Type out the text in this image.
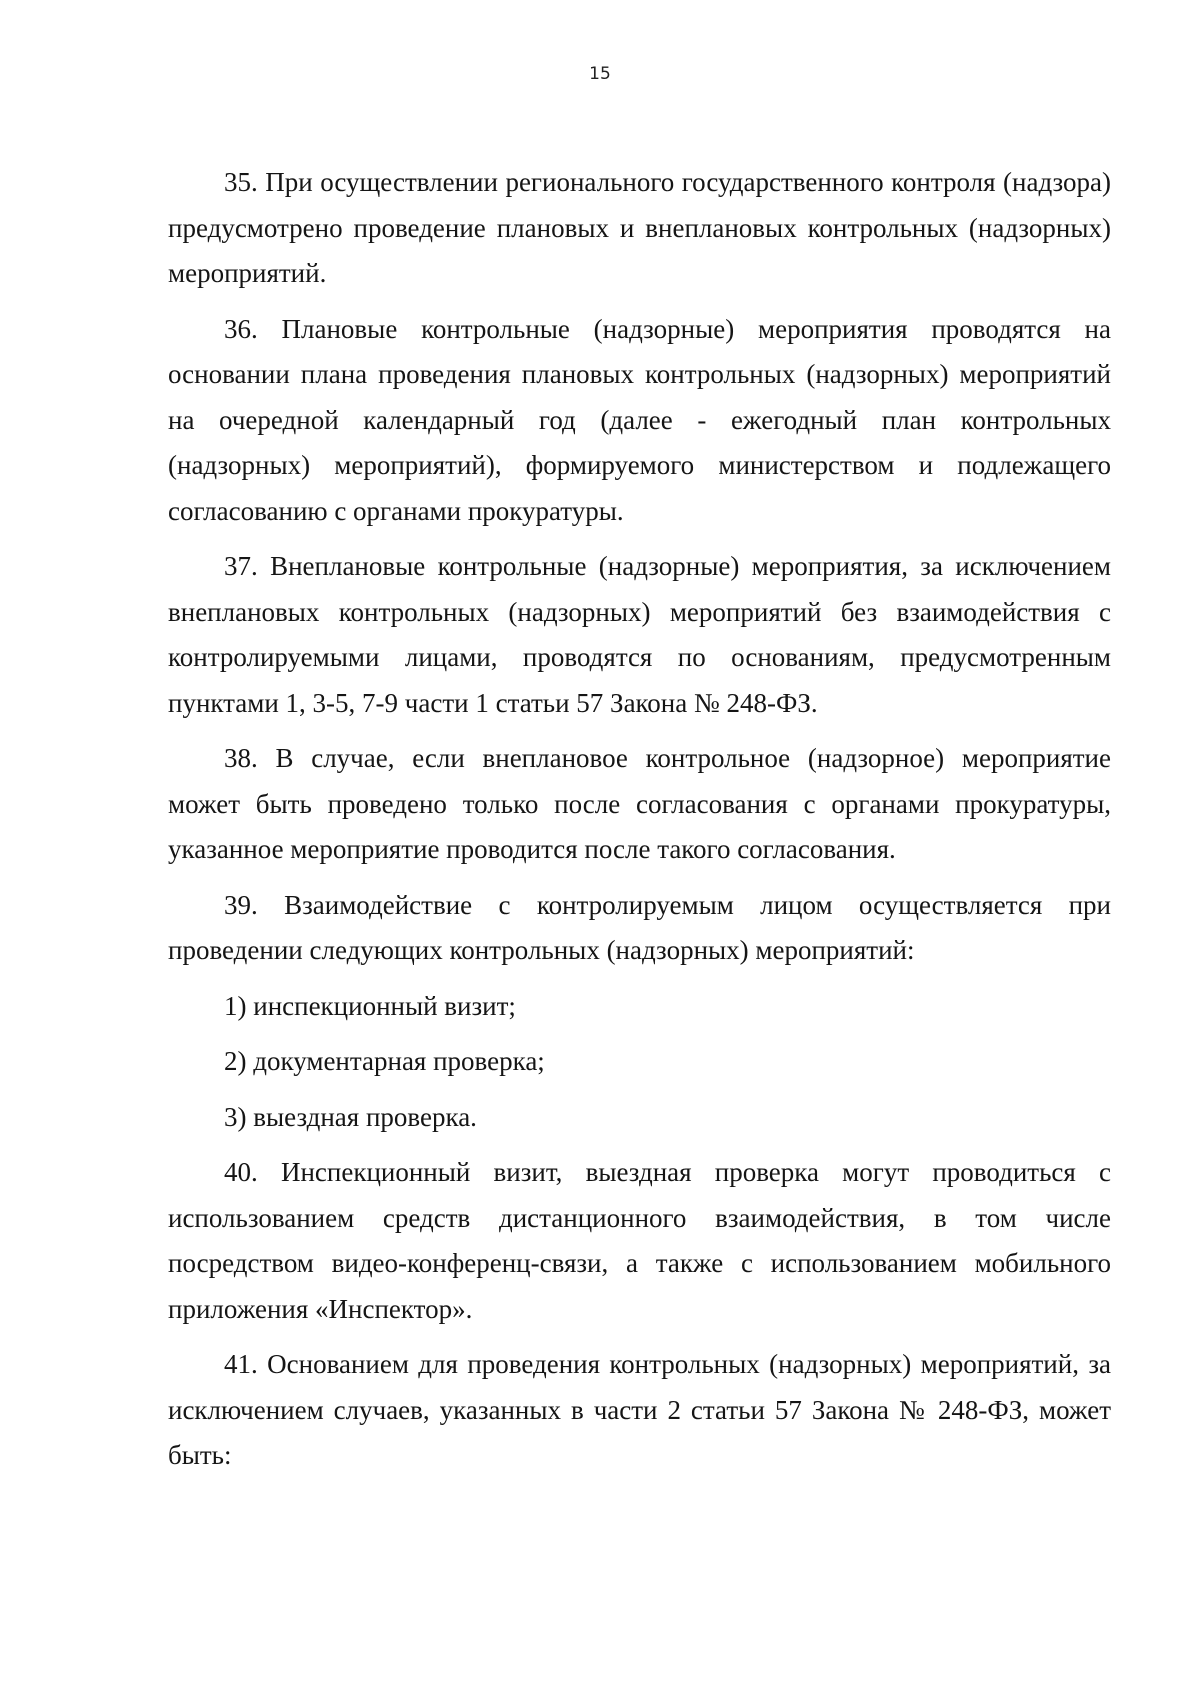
15

35. При осуществлении регионального государственного контроля (надзора) предусмотрено проведение плановых и внеплановых контрольных (надзорных) мероприятий.

36. Плановые контрольные (надзорные) мероприятия проводятся на основании плана проведения плановых контрольных (надзорных) мероприятий на очередной календарный год (далее - ежегодный план контрольных (надзорных) мероприятий), формируемого министерством и подлежащего согласованию с органами прокуратуры.

37. Внеплановые контрольные (надзорные) мероприятия, за исключением внеплановых контрольных (надзорных) мероприятий без взаимодействия с контролируемыми лицами, проводятся по основаниям, предусмотренным пунктами 1, 3-5, 7-9 части 1 статьи 57 Закона № 248-ФЗ.

38. В случае, если внеплановое контрольное (надзорное) мероприятие может быть проведено только после согласования с органами прокуратуры, указанное мероприятие проводится после такого согласования.

39. Взаимодействие с контролируемым лицом осуществляется при проведении следующих контрольных (надзорных) мероприятий:

1) инспекционный визит;

2) документарная проверка;

3) выездная проверка.

40. Инспекционный визит, выездная проверка могут проводиться с использованием средств дистанционного взаимодействия, в том числе посредством видео-конференц-связи, а также с использованием мобильного приложения «Инспектор».

41. Основанием для проведения контрольных (надзорных) мероприятий, за исключением случаев, указанных в части 2 статьи 57 Закона № 248-ФЗ, может быть:
